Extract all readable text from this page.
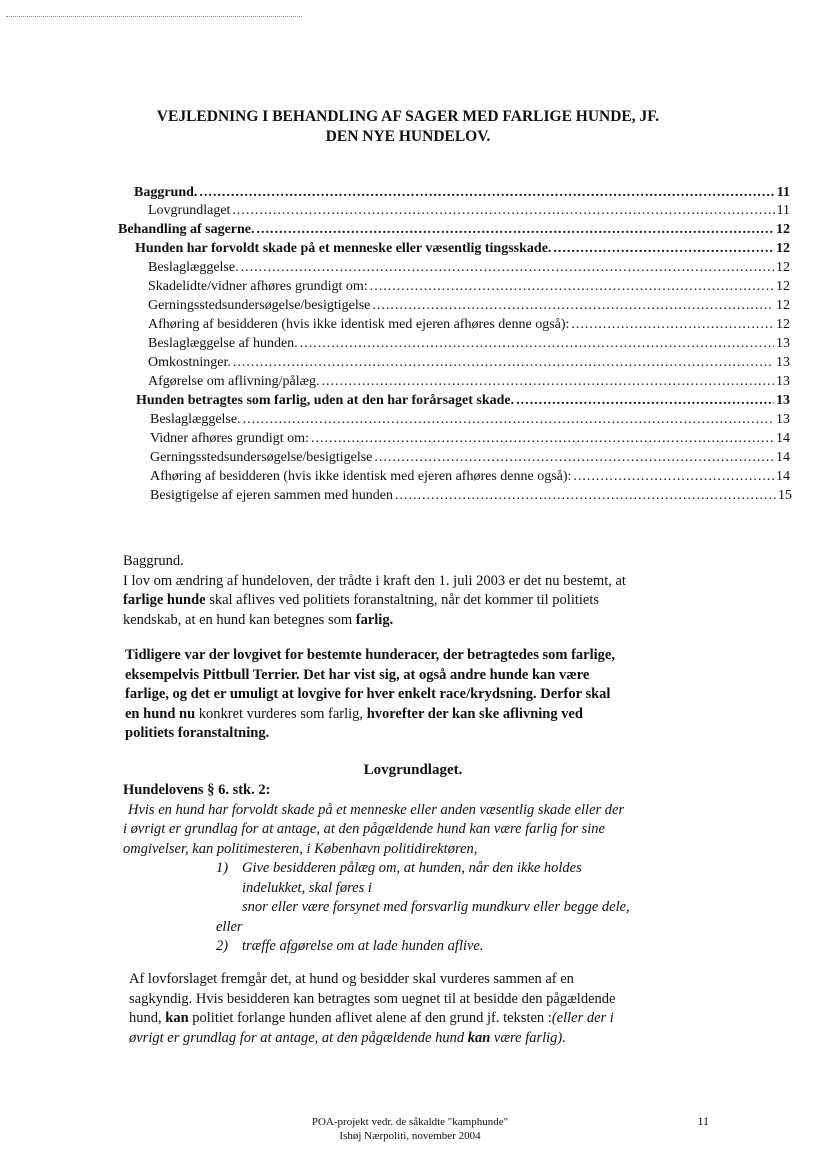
VEJLEDNING I BEHANDLING AF SAGER MED FARLIGE HUNDE, JF.
DEN NYE HUNDELOV.
Baggrund. .....	11
Lovgrundlaget .....	11
Behandling af sagerne. .....	12
Hunden har forvoldt skade på et menneske eller væsentlig tingsskade. .....	12
Beslaglæggelse. .....	12
Skadelidte/vidner afhøres grundigt om: .....	12
Gerningsstedsundersøgelse/besigtigelse .....	12
Afhøring af besidderen (hvis ikke identisk med ejeren afhøres denne også): .....	12
Beslaglæggelse af hunden. .....	13
Omkostninger. .....	13
Afgørelse om aflivning/pålæg. .....	13
Hunden betragtes som farlig, uden at den har forårsaget skade. .....	13
Beslaglæggelse. .....	13
Vidner afhøres grundigt om: .....	14
Gerningsstedsundersøgelse/besigtigelse .....	14
Afhøring af besidderen (hvis ikke identisk med ejeren afhøres denne også): .....	14
Besigtigelse af ejeren sammen med hunden .....	15
Baggrund.
I lov om ændring af hundeloven, der trådte i kraft den 1. juli 2003 er det nu bestemt, at
farlige hunde skal aflives ved politiets foranstaltning, når det kommer til politiets
kendskab, at en hund kan betegnes som farlig.
Tidligere var der lovgivet for bestemte hunderacer, der betragtedes som farlige,
eksempelvis Pittbull Terrier. Det har vist sig, at også andre hunde kan være
farlige, og det er umuligt at lovgive for hver enkelt race/krydsning. Derfor skal
en hund nu konkret vurderes som farlig, hvorefter der kan ske aflivning ved
politiets foranstaltning.
Lovgrundlaget.
Hundelovens § 6. stk. 2:
Hvis en hund har forvoldt skade på et menneske eller anden væsentlig skade eller der
i øvrigt er grundlag for at antage, at den pågældende hund kan være farlig for sine
omgivelser, kan politimesteren, i København politidirektøren,
1) Give besidderen pålæg om, at hunden, når den ikke holdes
indelukket, skal føres i
snor eller være forsynet med forsvarlig mundkurv eller begge dele,
eller
2) træffe afgørelse om at lade hunden aflive.
Af lovforslaget fremgår det, at hund og besidder skal vurderes sammen af en
sagkyndig. Hvis besidderen kan betragtes som uegnet til at besidde den pågældende
hund, kan politiet forlange hunden aflivet alene af den grund jf. teksten :(eller der i
øvrigt er grundlag for at antage, at den pågældende hund kan være farlig).
POA-projekt vedr. de såkaldte "kamphunde"
Ishøj Nærpoliti, november 2004
11
